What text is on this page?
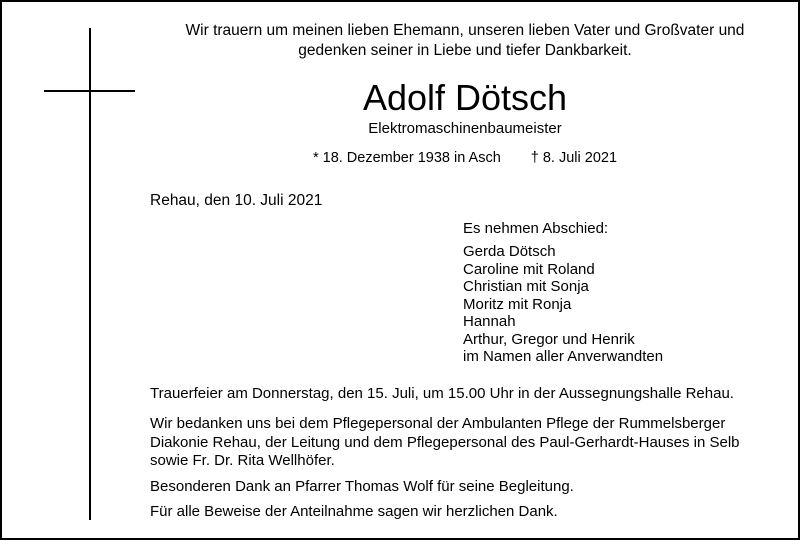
Wir trauern um meinen lieben Ehemann, unseren lieben Vater und Großvater und
gedenken seiner in Liebe und tiefer Dankbarkeit.
Adolf Dötsch
Elektromaschinenbaumeister
* 18. Dezember 1938 in Asch † 8. Juli 2021
Rehau, den 10. Juli 2021
Es nehmen Abschied:
Gerda Dötsch
Caroline mit Roland
Christian mit Sonja
Moritz mit Ronja
Hannah
Arthur, Gregor und Henrik
im Namen aller Anverwandten

Trauerfeier am Donnerstag, den 15. Juli, um 15.00 Uhr in der Aussegnungshalle Rehau.

Wir bedanken uns bei dem Pflegepersonal der Ambulanten Pflege der Rummelsberger
Diakonie Rehau, der Leitung und dem Pflegepersonal des Paul-Gerhardt-Hauses in Selb
sowie Fr. Dr. Rita Wellhöfer.

Besonderen Dank an Pfarrer Thomas Wolf für seine Begleitung.

Für alle Beweise der Anteilnahme sagen wir herzlichen Dank.
